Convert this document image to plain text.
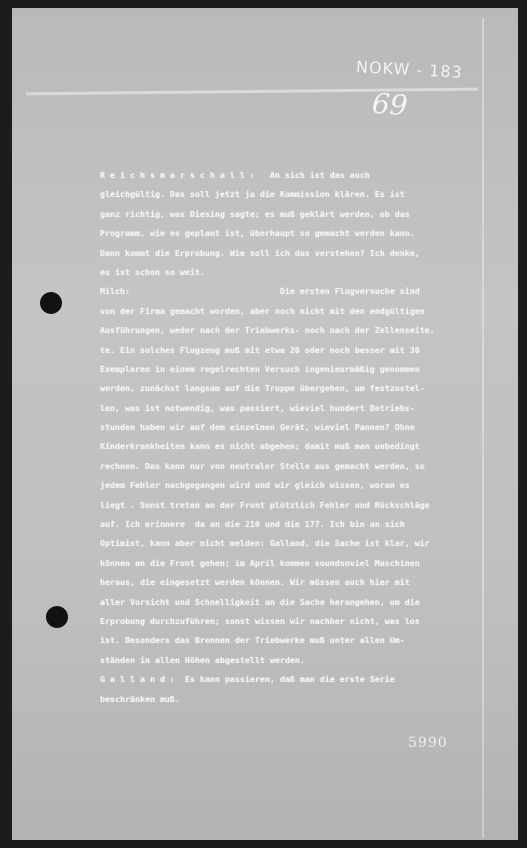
NOKW - 183
69
R e i c h s m a r s c h a l l :   An sich ist das auch
gleichgültig. Das soll jetzt ja die Kommission klären. Es ist
ganz richtig, was Diesing sagte; es muß geklärt werden, ob das
Programm, wie es geplant ist, überhaupt so gemacht werden kann.
Dann kommt die Erprobung. Wie soll ich das verstehen? Ich denke,
es ist schon so weit.
Milch:                              Die ersten Flugversuche sind
von der Firma gemacht worden, aber noch nicht mit den endgültigen
Ausführungen, weder nach der Triebwerks- noch nach der Zellenseite.
te. Ein solches Flugzeug muß mit etwa 20 oder noch besser mit 30
Exemplaren in einem regelrechten Versuch ingenieurmäßig genommen
werden, zunächst langsam auf die Truppe übergehen, um festzustel-
len, was ist notwendig, was passiert, wieviel hundert Betriebs-
stunden haben wir auf dem einzelnen Gerät, wieviel Pannen? Ohne
Kinderkrankheiten kann es nicht abgehen; damit muß man unbedingt
rechnen. Das kann nur von neutraler Stelle aus gemacht werden, so
jedem Fehler nachgegangen wird und wir gleich wissen, woran es
liegt . Sonst treten an der Front plötzlich Fehler und Rückschläge
auf. Ich erinnere  da an die 210 und die 177. Ich bin an sich
Optimist, kann aber nicht melden: Galland, die Sache ist klar, wir
können an die Front gehen; im April kommen soundsoviel Maschinen
heraus, die eingesetzt werden können. Wir müssen auch hier mit
aller Vorsicht und Schnelligkeit an die Sache herangehen, um die
Erprobung durchzuführen; sonst wissen wir nachher nicht, was los
ist. Besonders das Brennen der Triebwerke muß unter allen Um-
ständen in allen Höhen abgestellt werden.
G a l l a n d :  Es kann passieren, daß man die erste Serie
beschränken muß.
5990
